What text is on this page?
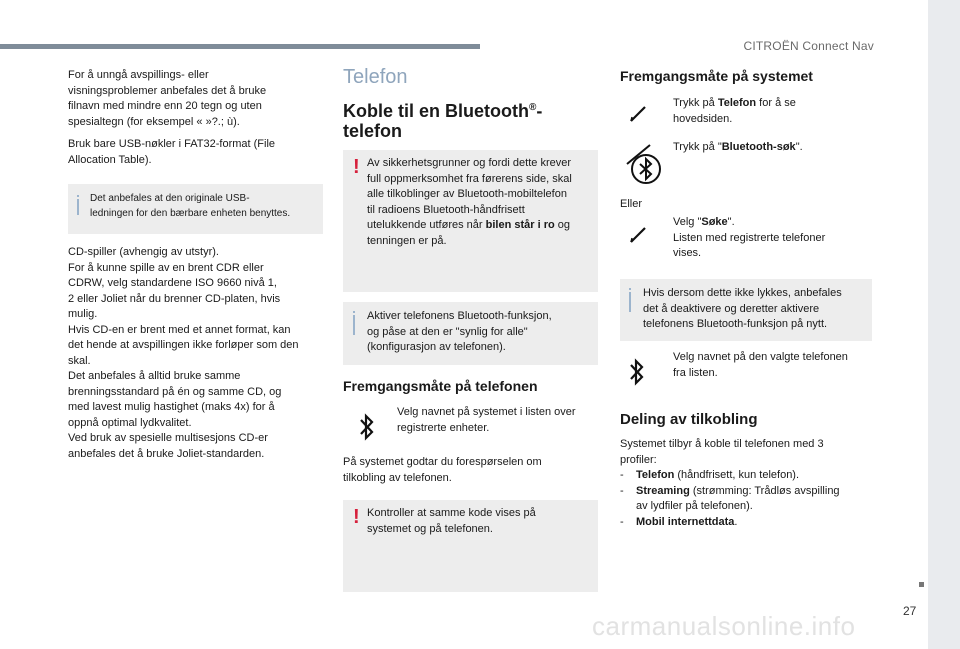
CITROËN Connect Nav
27
carmanualsonline.info
For å unngå avspillings- eller
visningsproblemer anbefales det å bruke
filnavn med mindre enn 20 tegn og uten
spesialtegn (for eksempel « »?.; ù).
Bruk bare USB-nøkler i FAT32-format (File
Allocation Table).
Det anbefales at den originale USB-
ledningen for den bærbare enheten benyttes.
CD-spiller (avhengig av utstyr).
For å kunne spille av en brent CDR eller
CDRW, velg standardene ISO 9660 nivå 1,
2 eller Joliet når du brenner CD-platen, hvis
mulig.
Hvis CD-en er brent med et annet format, kan
det hende at avspillingen ikke forløper som den
skal.
Det anbefales å alltid bruke samme
brenningsstandard på én og samme CD, og
med lavest mulig hastighet (maks 4x) for å
oppnå optimal lydkvalitet.
Ved bruk av spesielle multisesjons CD-er
anbefales det å bruke Joliet-standarden.
Telefon
Koble til en Bluetooth®-
telefon
! Av sikkerhetsgrunner og fordi dette krever
full oppmerksomhet fra førerens side, skal
alle tilkoblinger av Bluetooth-mobiltelefon
til radioens Bluetooth-håndfrisett
utelukkende utføres når bilen står i ro og
tenningen er på.
Aktiver telefonens Bluetooth-funksjon,
og påse at den er "synlig for alle"
(konfigurasjon av telefonen).
Fremgangsmåte på telefonen
Velg navnet på systemet i listen over
registrerte enheter.
På systemet godtar du forespørselen om
tilkobling av telefonen.
! Kontroller at samme kode vises på
systemet og på telefonen.
Fremgangsmåte på systemet
Trykk på Telefon for å se
hovedsiden.
Trykk på "Bluetooth-søk".
Eller
Velg "Søke".
Listen med registrerte telefoner
vises.
Hvis dersom dette ikke lykkes, anbefales
det å deaktivere og deretter aktivere
telefonens Bluetooth-funksjon på nytt.
Velg navnet på den valgte telefonen
fra listen.
Deling av tilkobling
Systemet tilbyr å koble til telefonen med 3
profiler:
- Telefon (håndfrisett, kun telefon).
- Streaming (strømming: Trådløs avspilling
av lydfiler på telefonen).
- Mobil internettdata.
